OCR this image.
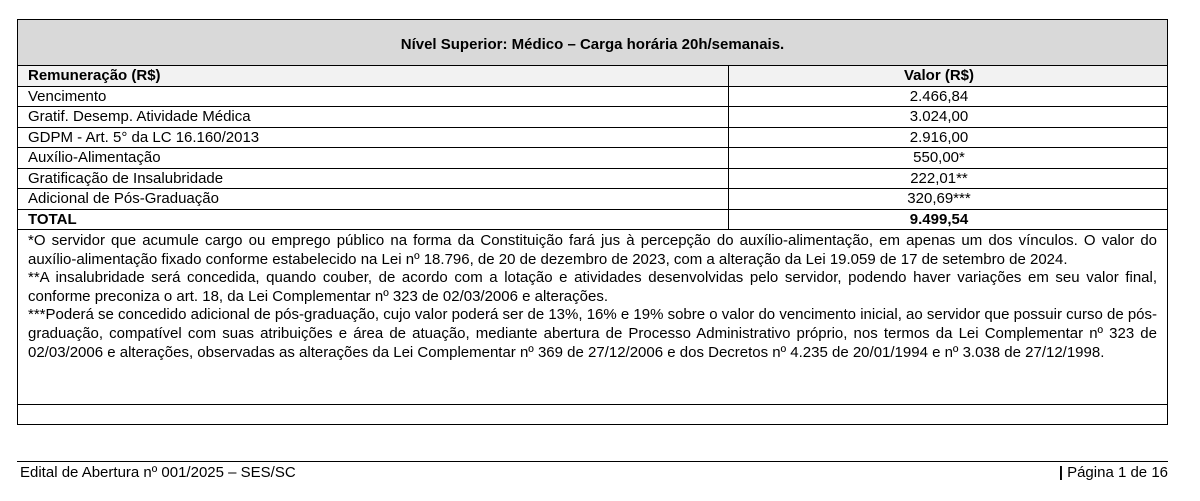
Nível Superior: Médico – Carga horária 20h/semanais.
Remuneração (R$)	Valor (R$)
Vencimento	2.466,84
Gratif. Desemp. Atividade Médica	3.024,00
GDPM - Art. 5° da LC 16.160/2013	2.916,00
Auxílio-Alimentação	550,00*
Gratificação de Insalubridade	222,01**
Adicional de Pós-Graduação	320,69***
TOTAL	9.499,54

*O servidor que acumule cargo ou emprego público na forma da Constituição fará jus à percepção do auxílio-alimentação, em apenas um dos vínculos. O valor do auxílio-alimentação fixado conforme estabelecido na Lei nº 18.796, de 20 de dezembro de 2023, com a alteração da Lei 19.059 de 17 de setembro de 2024.

**A insalubridade será concedida, quando couber, de acordo com a lotação e atividades desenvolvidas pelo servidor, podendo haver variações em seu valor final, conforme preconiza o art. 18, da Lei Complementar nº 323 de 02/03/2006 e alterações.

***Poderá se concedido adicional de pós-graduação, cujo valor poderá ser de 13%, 16% e 19% sobre o valor do vencimento inicial, ao servidor que possuir curso de pós-graduação, compatível com suas atribuições e área de atuação, mediante abertura de Processo Administrativo próprio, nos termos da Lei Complementar nº 323 de 02/03/2006 e alterações, observadas as alterações da Lei Complementar nº 369 de 27/12/2006 e dos Decretos nº 4.235 de 20/01/1994 e nº 3.038 de 27/12/1998.

Edital de Abertura nº 001/2025 – SES/SC	| Página 1 de 16
